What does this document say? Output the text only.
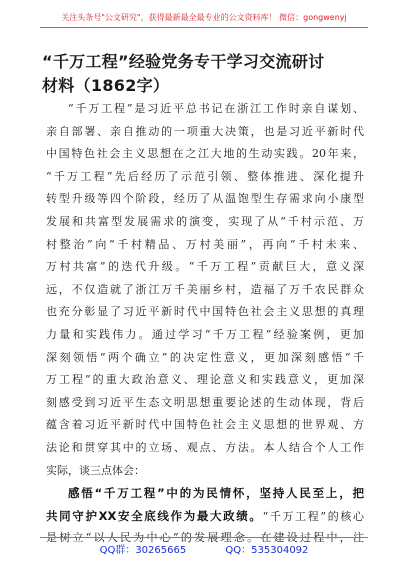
关注头条号"公文研究"，获得最新最全最专业的公文资料库！ 微信：gongwenyj
“千万工程”经验党务专干学习交流研讨
材料（1862字）
“千万工程”是习近平总书记在浙江工作时亲自谋划、
亲自部署、亲自推动的一项重大决策，也是习近平新时代
中国特色社会主义思想在之江大地的生动实践。20年来，
“千万工程”先后经历了示范引领、整体推进、深化提升
转型升级等四个阶段，经历了从温饱型生存需求向小康型
发展和共富型发展需求的演变，实现了从“千村示范、万
村整治”向“千村精品、万村美丽”，再向“千村未来、
万村共富”的迭代升级。“千万工程”贡献巨大，意义深
远，不仅造就了浙江万千美丽乡村，造福了万千农民群众
也充分彰显了习近平新时代中国特色社会主义思想的真理
力量和实践伟力。通过学习“千万工程”经验案例，更加
深刻领悟“两个确立”的决定性意义，更加深刻感悟“千
万工程”的重大政治意义、理论意义和实践意义，更加深
刻感受到习近平生态文明思想重要论述的生动体现，背后
蕴含着习近平新时代中国特色社会主义思想的世界观、方
法论和贯穿其中的立场、观点、方法。本人结合个人工作
实际，谈三点体会：
感悟“千万工程”中的为民情怀，坚持人民至上，把
共同守护XX安全底线作为最大政绩。“千万工程”的核心
是树立“以人民为中心”的发展理念。在建设过程中，注
QQ群：30265665	QQ：535304092
